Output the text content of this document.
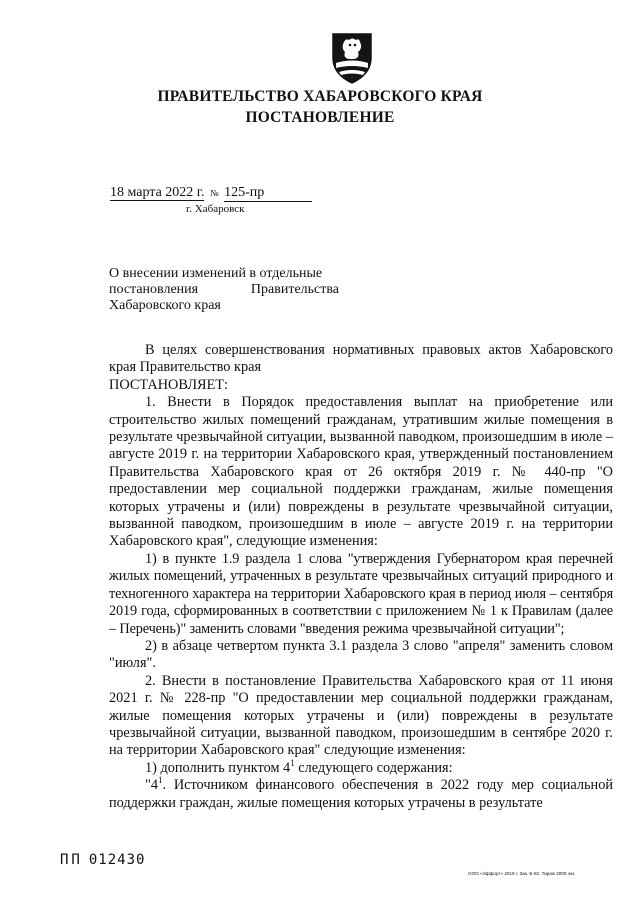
ПРАВИТЕЛЬСТВО ХАБАРОВСКОГО КРАЯ
ПОСТАНОВЛЕНИЕ
18 марта 2022 г. № 125-пр
г. Хабаровск
О внесении изменений в отдельные
постановления Правительства
Хабаровского края

В целях совершенствования нормативных правовых актов Хабаровского края Правительство края

ПОСТАНОВЛЯЕТ:

1. Внести в Порядок предоставления выплат на приобретение или строительство жилых помещений гражданам, утратившим жилые помещения в результате чрезвычайной ситуации, вызванной паводком, произошедшим в июле – августе 2019 г. на территории Хабаровского края, утвержденный постановлением Правительства Хабаровского края от 26 октября 2019 г. № 440-пр "О предоставлении мер социальной поддержки гражданам, жилые помещения которых утрачены и (или) повреждены в результате чрезвычайной ситуации, вызванной паводком, произошедшим в июле – августе 2019 г. на территории Хабаровского края", следующие изменения:

1) в пункте 1.9 раздела 1 слова "утверждения Губернатором края перечней жилых помещений, утраченных в результате чрезвычайных ситуаций природного и техногенного характера на территории Хабаровского края в период июля – сентября 2019 года, сформированных в соответствии с приложением № 1 к Правилам (далее – Перечень)" заменить словами "введения режима чрезвычайной ситуации";

2) в абзаце четвертом пункта 3.1 раздела 3 слово "апреля" заменить словом "июля".

2. Внести в постановление Правительства Хабаровского края от 11 июня 2021 г. № 228-пр "О предоставлении мер социальной поддержки гражданам, жилые помещения которых утрачены и (или) повреждены в результате чрезвычайной ситуации, вызванной паводком, произошедшим в сентябре 2020 г. на территории Хабаровского края" следующие изменения:

1) дополнить пунктом $4^1$ следующего содержания:

"$4^1$. Источником финансового обеспечения в 2022 году мер социальной поддержки граждан, жилые помещения которых утрачены в результате

ПП 012430
ООО «Эффорт» 2019 г. Зак. Б-82. Тираж 2000 экз.
